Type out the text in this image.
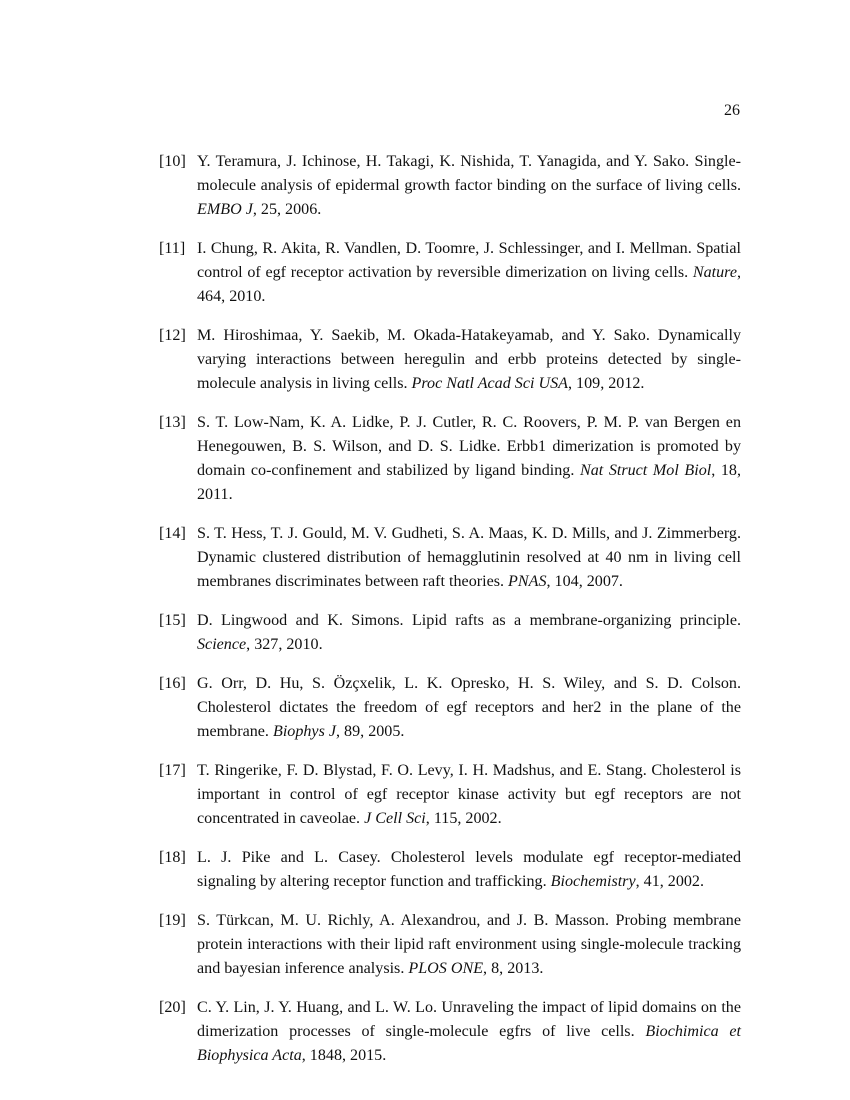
26
[10] Y. Teramura, J. Ichinose, H. Takagi, K. Nishida, T. Yanagida, and Y. Sako. Single-molecule analysis of epidermal growth factor binding on the surface of living cells. EMBO J, 25, 2006.
[11] I. Chung, R. Akita, R. Vandlen, D. Toomre, J. Schlessinger, and I. Mellman. Spatial control of egf receptor activation by reversible dimerization on living cells. Nature, 464, 2010.
[12] M. Hiroshimaa, Y. Saekib, M. Okada-Hatakeyamab, and Y. Sako. Dynamically varying interactions between heregulin and erbb proteins detected by single-molecule analysis in living cells. Proc Natl Acad Sci USA, 109, 2012.
[13] S. T. Low-Nam, K. A. Lidke, P. J. Cutler, R. C. Roovers, P. M. P. van Bergen en Henegouwen, B. S. Wilson, and D. S. Lidke. Erbb1 dimerization is promoted by domain co-confinement and stabilized by ligand binding. Nat Struct Mol Biol, 18, 2011.
[14] S. T. Hess, T. J. Gould, M. V. Gudheti, S. A. Maas, K. D. Mills, and J. Zimmerberg. Dynamic clustered distribution of hemagglutinin resolved at 40 nm in living cell membranes discriminates between raft theories. PNAS, 104, 2007.
[15] D. Lingwood and K. Simons. Lipid rafts as a membrane-organizing principle. Science, 327, 2010.
[16] G. Orr, D. Hu, S. Özçxelik, L. K. Opresko, H. S. Wiley, and S. D. Colson. Cholesterol dictates the freedom of egf receptors and her2 in the plane of the membrane. Biophys J, 89, 2005.
[17] T. Ringerike, F. D. Blystad, F. O. Levy, I. H. Madshus, and E. Stang. Cholesterol is important in control of egf receptor kinase activity but egf receptors are not concentrated in caveolae. J Cell Sci, 115, 2002.
[18] L. J. Pike and L. Casey. Cholesterol levels modulate egf receptor-mediated signaling by altering receptor function and trafficking. Biochemistry, 41, 2002.
[19] S. Türkcan, M. U. Richly, A. Alexandrou, and J. B. Masson. Probing membrane protein interactions with their lipid raft environment using single-molecule tracking and bayesian inference analysis. PLOS ONE, 8, 2013.
[20] C. Y. Lin, J. Y. Huang, and L. W. Lo. Unraveling the impact of lipid domains on the dimerization processes of single-molecule egfrs of live cells. Biochimica et Biophysica Acta, 1848, 2015.
